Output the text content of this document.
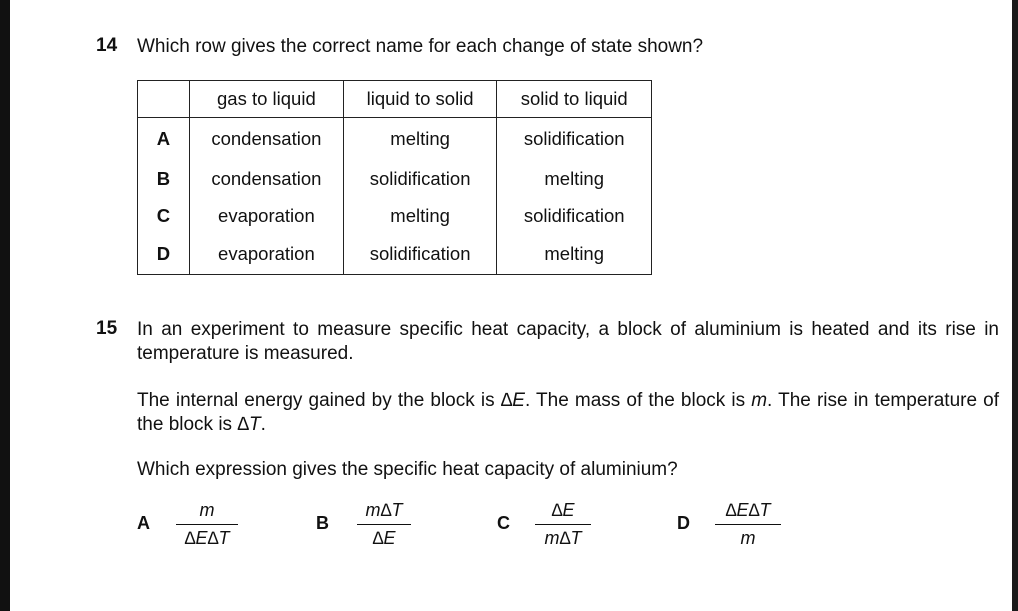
14 Which row gives the correct name for each change of state shown?
	gas to liquid	liquid to solid	solid to liquid
A	condensation	melting	solidification
B	condensation	solidification	melting
C	evaporation	melting	solidification
D	evaporation	solidification	melting
15 In an experiment to measure specific heat capacity, a block of aluminium is heated and its rise in temperature is measured.
The internal energy gained by the block is ∆E. The mass of the block is m. The rise in temperature of the block is ∆T.
Which expression gives the specific heat capacity of aluminium?
A $\frac{m}{\Delta E\Delta T}$	B $\frac{m\Delta T}{\Delta E}$	C $\frac{\Delta E}{m\Delta T}$	D $\frac{\Delta E\Delta T}{m}$
